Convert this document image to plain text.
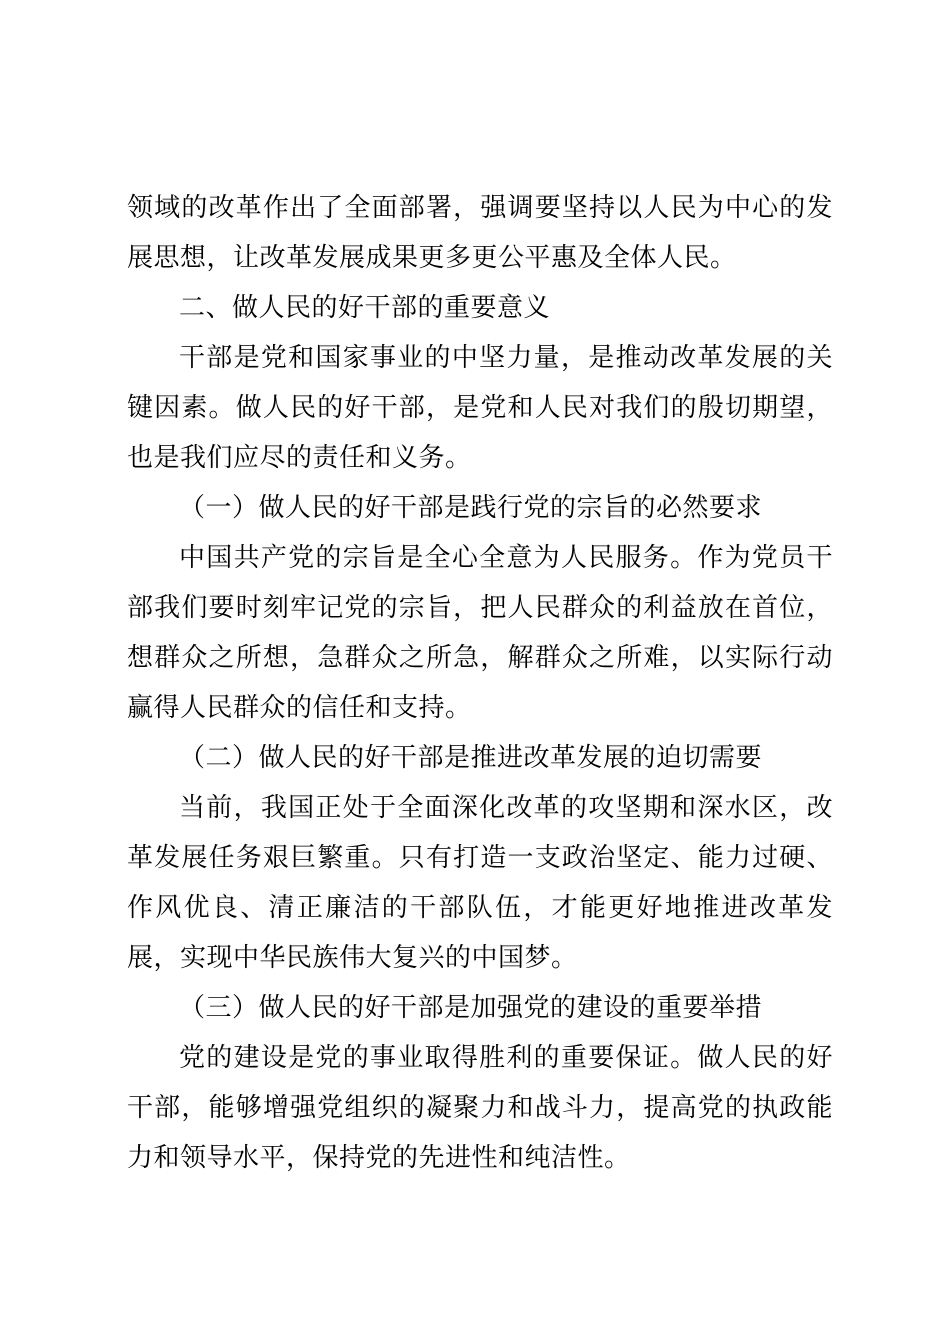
领域的改革作出了全面部署，强调要坚持以人民为中心的发展思想，让改革发展成果更多更公平惠及全体人民。

二、做人民的好干部的重要意义

干部是党和国家事业的中坚力量，是推动改革发展的关键因素。做人民的好干部，是党和人民对我们的殷切期望，也是我们应尽的责任和义务。

（一）做人民的好干部是践行党的宗旨的必然要求

中国共产党的宗旨是全心全意为人民服务。作为党员干部我们要时刻牢记党的宗旨，把人民群众的利益放在首位，想群众之所想，急群众之所急，解群众之所难，以实际行动赢得人民群众的信任和支持。

（二）做人民的好干部是推进改革发展的迫切需要

当前，我国正处于全面深化改革的攻坚期和深水区，改革发展任务艰巨繁重。只有打造一支政治坚定、能力过硬、作风优良、清正廉洁的干部队伍，才能更好地推进改革发展，实现中华民族伟大复兴的中国梦。

（三）做人民的好干部是加强党的建设的重要举措

党的建设是党的事业取得胜利的重要保证。做人民的好干部，能够增强党组织的凝聚力和战斗力，提高党的执政能力和领导水平，保持党的先进性和纯洁性。
